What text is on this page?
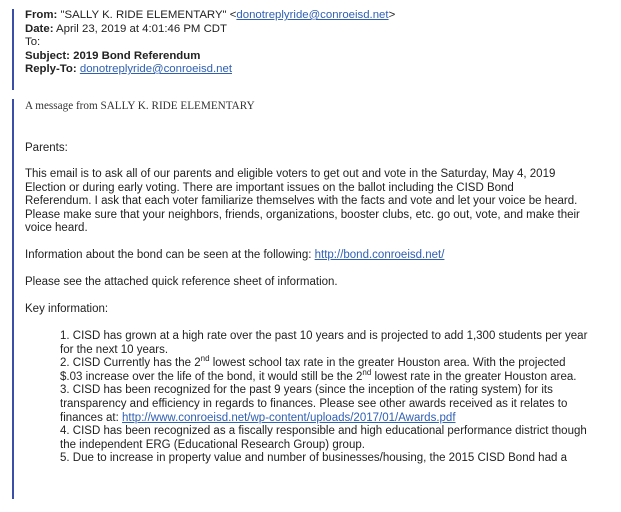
From: "SALLY K. RIDE ELEMENTARY" <donotreplyride@conroeisd.net>
Date: April 23, 2019 at 4:01:46 PM CDT
To:
Subject: 2019 Bond Referendum
Reply-To: donotreplyride@conroeisd.net
A message from SALLY K. RIDE ELEMENTARY
Parents:
This email is to ask all of our parents and eligible voters to get out and vote in the Saturday, May 4, 2019
Election or during early voting. There are important issues on the ballot including the CISD Bond
Referendum. I ask that each voter familiarize themselves with the facts and vote and let your voice be heard.
Please make sure that your neighbors, friends, organizations, booster clubs, etc. go out, vote, and make their
voice heard.
Information about the bond can be seen at the following: http://bond.conroeisd.net/
Please see the attached quick reference sheet of information.
Key information:
1. CISD has grown at a high rate over the past 10 years and is projected to add 1,300 students per year
for the next 10 years.
2. CISD Currently has the 2nd lowest school tax rate in the greater Houston area. With the projected
$.03 increase over the life of the bond, it would still be the 2nd lowest rate in the greater Houston area.
3. CISD has been recognized for the past 9 years (since the inception of the rating system) for its
transparency and efficiency in regards to finances. Please see other awards received as it relates to
finances at: http://www.conroeisd.net/wp-content/uploads/2017/01/Awards.pdf
4. CISD has been recognized as a fiscally responsible and high educational performance district though
the independent ERG (Educational Research Group) group.
5. Due to increase in property value and number of businesses/housing, the 2015 CISD Bond had a
